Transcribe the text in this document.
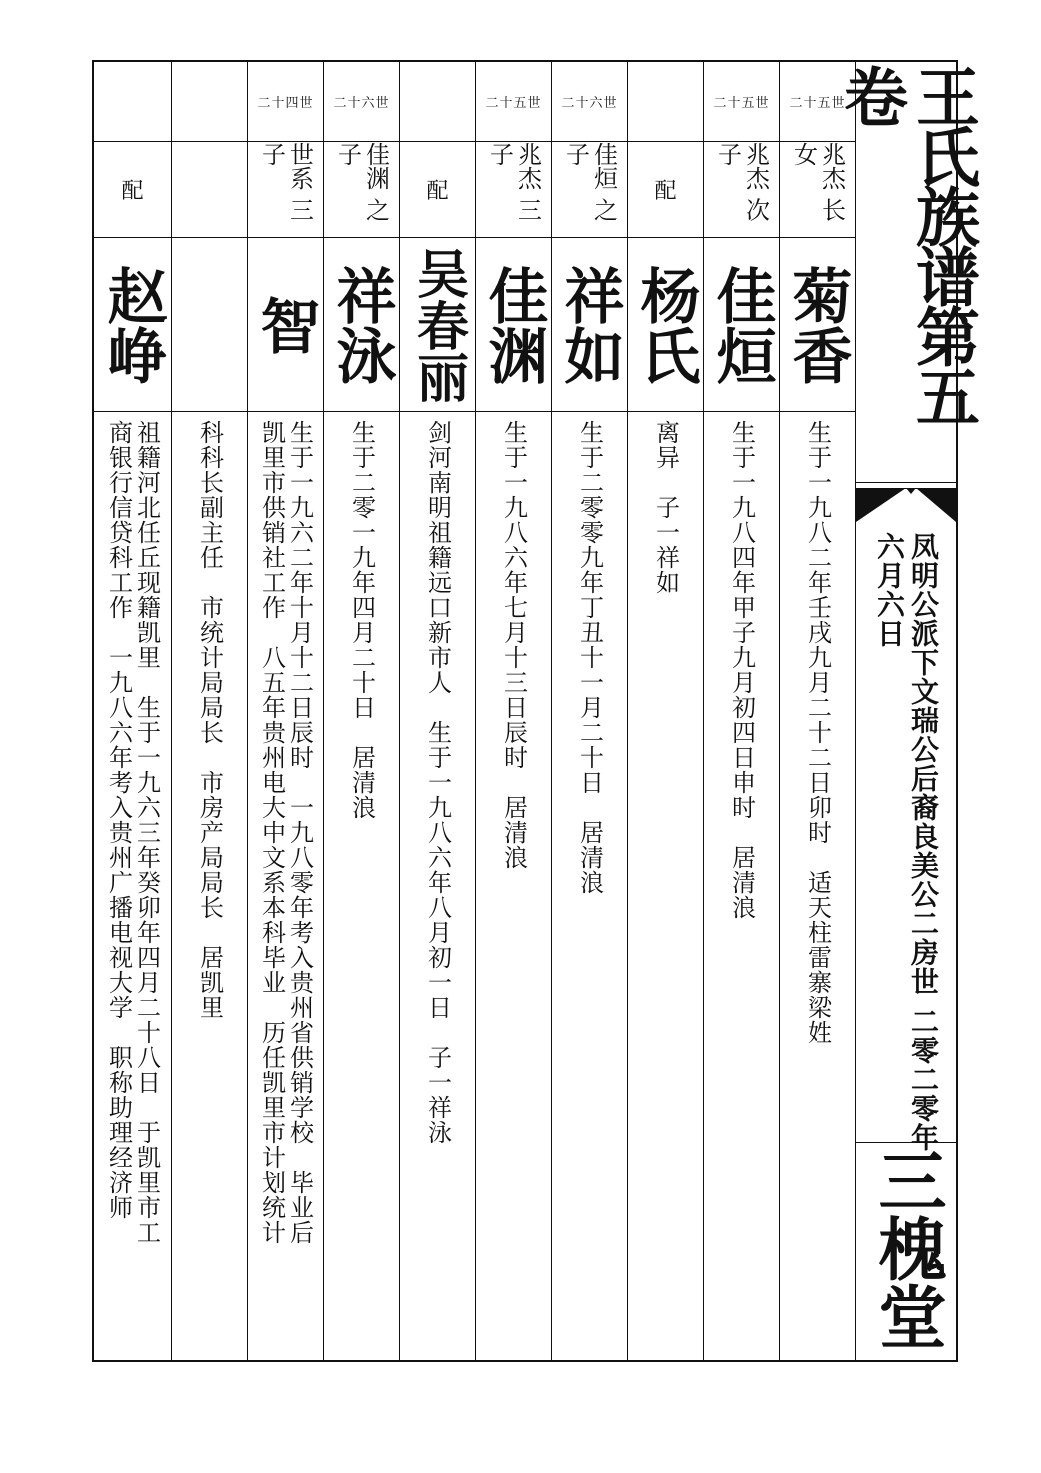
王氏族谱第五卷
凤明公派下文瑞公后裔良美公二房世 二零二零年六月六日
三槐堂
二十五世
兆杰 长女
菊香
生于一九八二年壬戌九月二十二日卯时　适天柱雷寨梁姓
二十五世
兆杰 次子
佳烜
生于一九八四年甲子九月初四日申时　居清浪
配
杨氏
离异　子一祥如
二十六世
佳烜 之子
祥如
生于二零零九年丁丑十一月二十日　居清浪
二十五世
兆杰 三子
佳渊
生于一九八六年七月十三日辰时　居清浪
配
吴春丽
剑河南明祖籍远口新市人　生于一九八六年八月初一日　子一祥泳
二十六世
佳渊 之子
祥泳
生于二零一九年四月二十日　居清浪
二十四世
世系 三子
智
生于一九六二年十月十二日辰时　一九八零年考入贵州省供销学校　毕业后
凯里市供销社工作　八五年贵州电大中文系本科毕业　历任凯里市计划统计
科科长副主任　市统计局局长　市房产局局长　居凯里
配
赵峥
祖籍河北任丘现籍凯里　生于一九六三年癸卯年四月二十八日　于凯里市工
商银行信贷科工作　一九八六年考入贵州广播电视大学　职称助理经济师
